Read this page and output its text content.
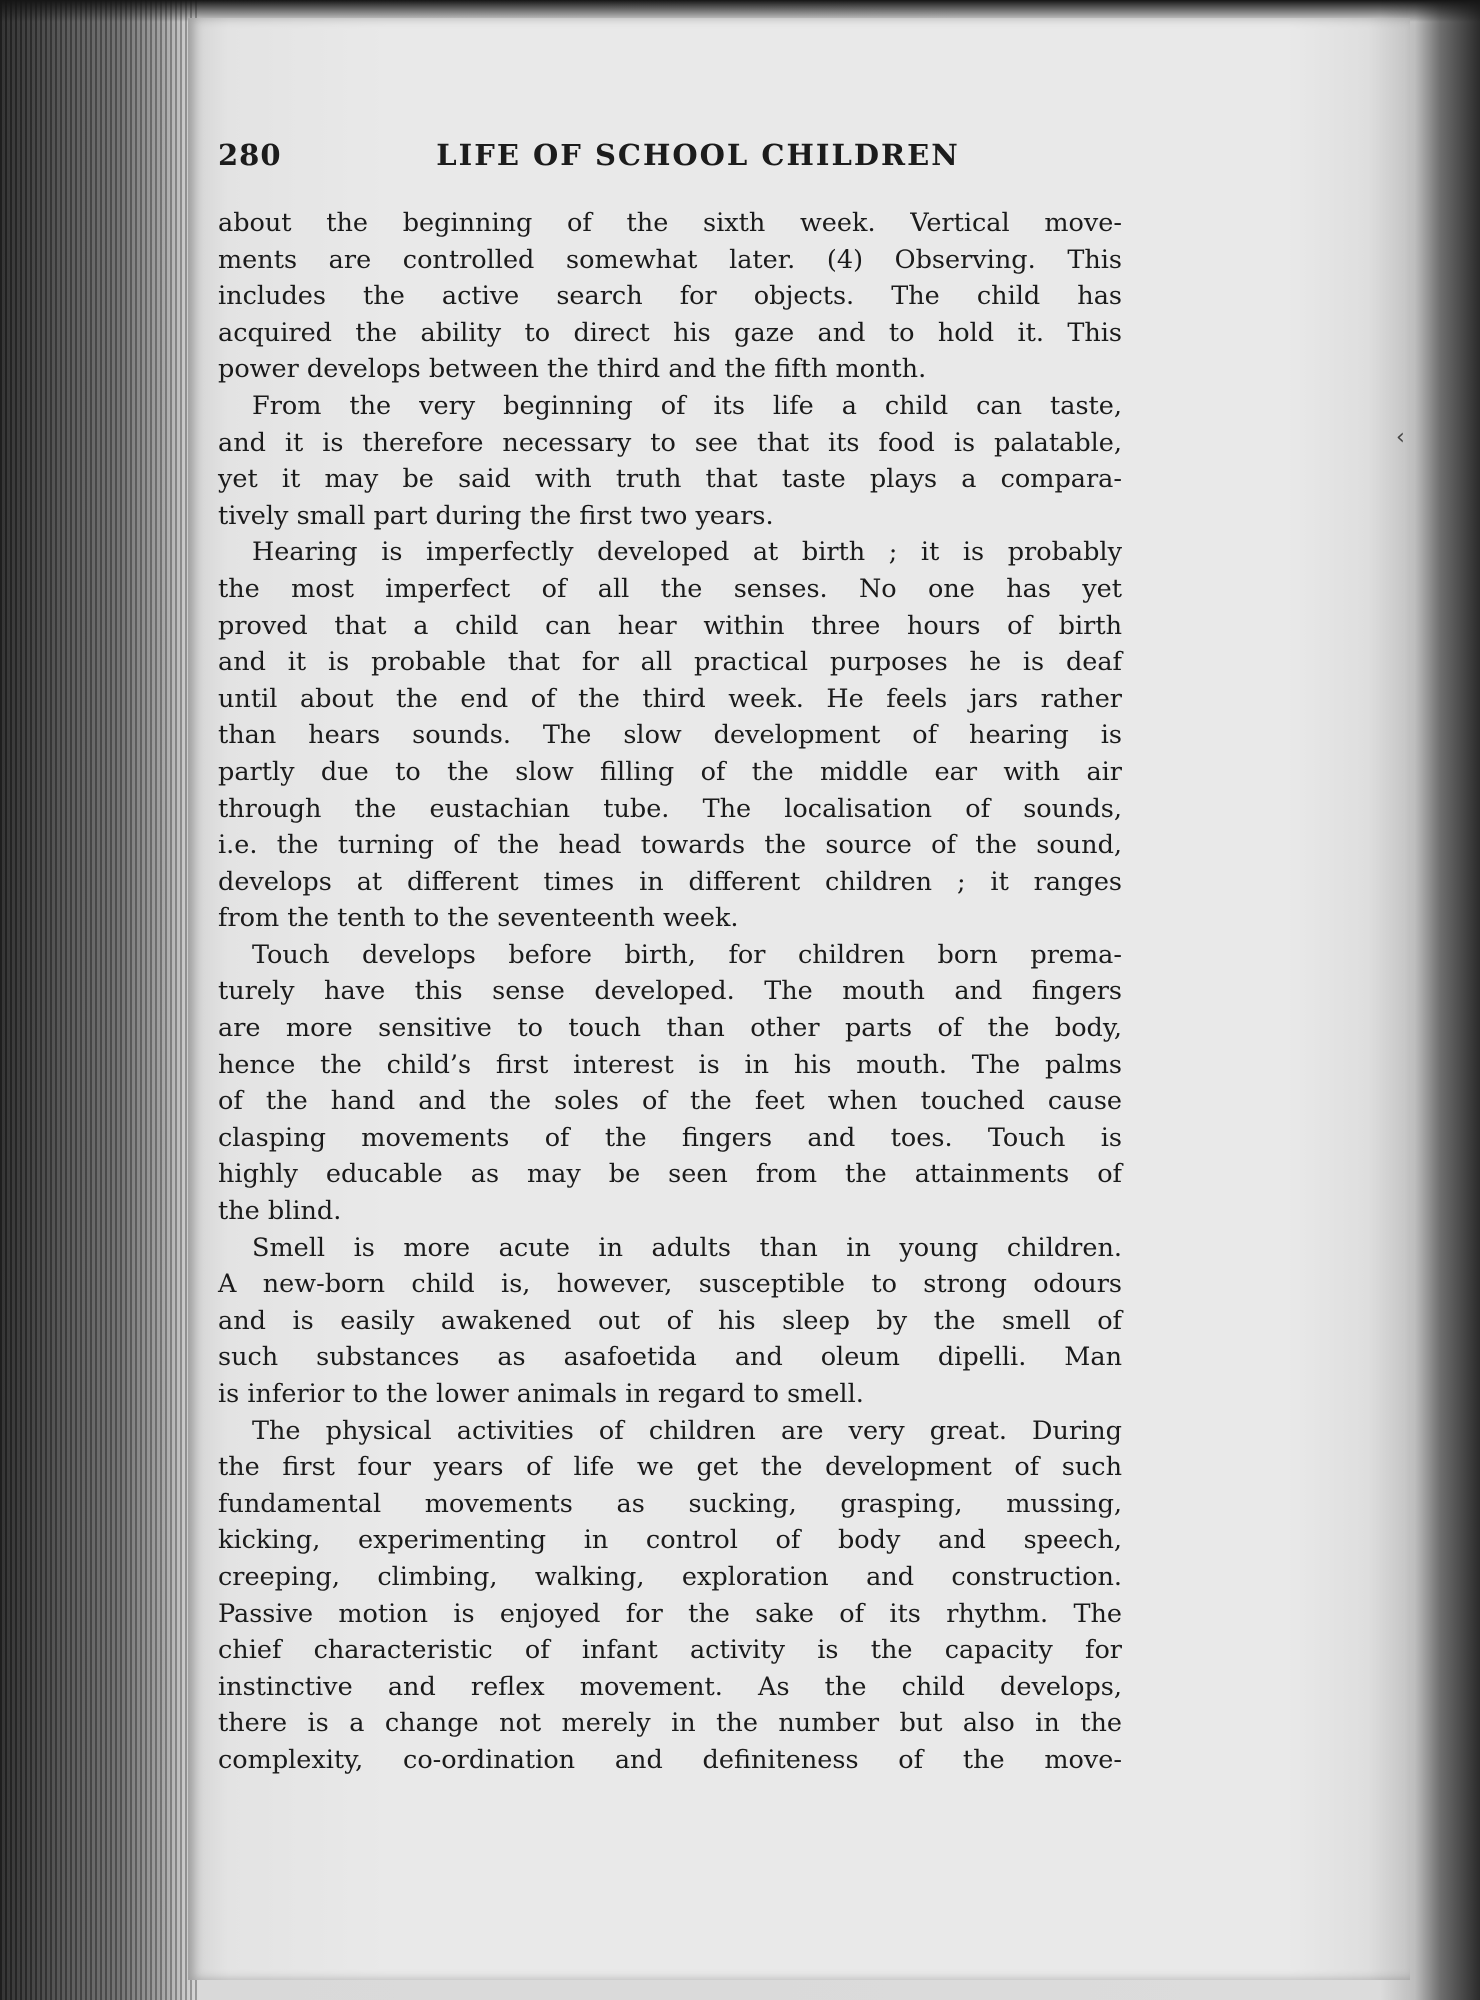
280	LIFE OF SCHOOL CHILDREN
about the beginning of the sixth week. Vertical move-
ments are controlled somewhat later. (4) Observing. This
includes the active search for objects. The child has
acquired the ability to direct his gaze and to hold it. This
power develops between the third and the fifth month.
From the very beginning of its life a child can taste,
and it is therefore necessary to see that its food is palatable,
yet it may be said with truth that taste plays a compara-
tively small part during the first two years.
Hearing is imperfectly developed at birth ; it is probably
the most imperfect of all the senses. No one has yet
proved that a child can hear within three hours of birth
and it is probable that for all practical purposes he is deaf
until about the end of the third week. He feels jars rather
than hears sounds. The slow development of hearing is
partly due to the slow filling of the middle ear with air
through the eustachian tube. The localisation of sounds,
i.e. the turning of the head towards the source of the sound,
develops at different times in different children ; it ranges
from the tenth to the seventeenth week.
Touch develops before birth, for children born prema-
turely have this sense developed. The mouth and fingers
are more sensitive to touch than other parts of the body,
hence the child’s first interest is in his mouth. The palms
of the hand and the soles of the feet when touched cause
clasping movements of the fingers and toes. Touch is
highly educable as may be seen from the attainments of
the blind.
Smell is more acute in adults than in young children.
A new-born child is, however, susceptible to strong odours
and is easily awakened out of his sleep by the smell of
such substances as asafoetida and oleum dipelli. Man
is inferior to the lower animals in regard to smell.
The physical activities of children are very great. During
the first four years of life we get the development of such
fundamental movements as sucking, grasping, mussing,
kicking, experimenting in control of body and speech,
creeping, climbing, walking, exploration and construction.
Passive motion is enjoyed for the sake of its rhythm. The
chief characteristic of infant activity is the capacity for
instinctive and reflex movement. As the child develops,
there is a change not merely in the number but also in the
complexity, co-ordination and definiteness of the move-
‹
